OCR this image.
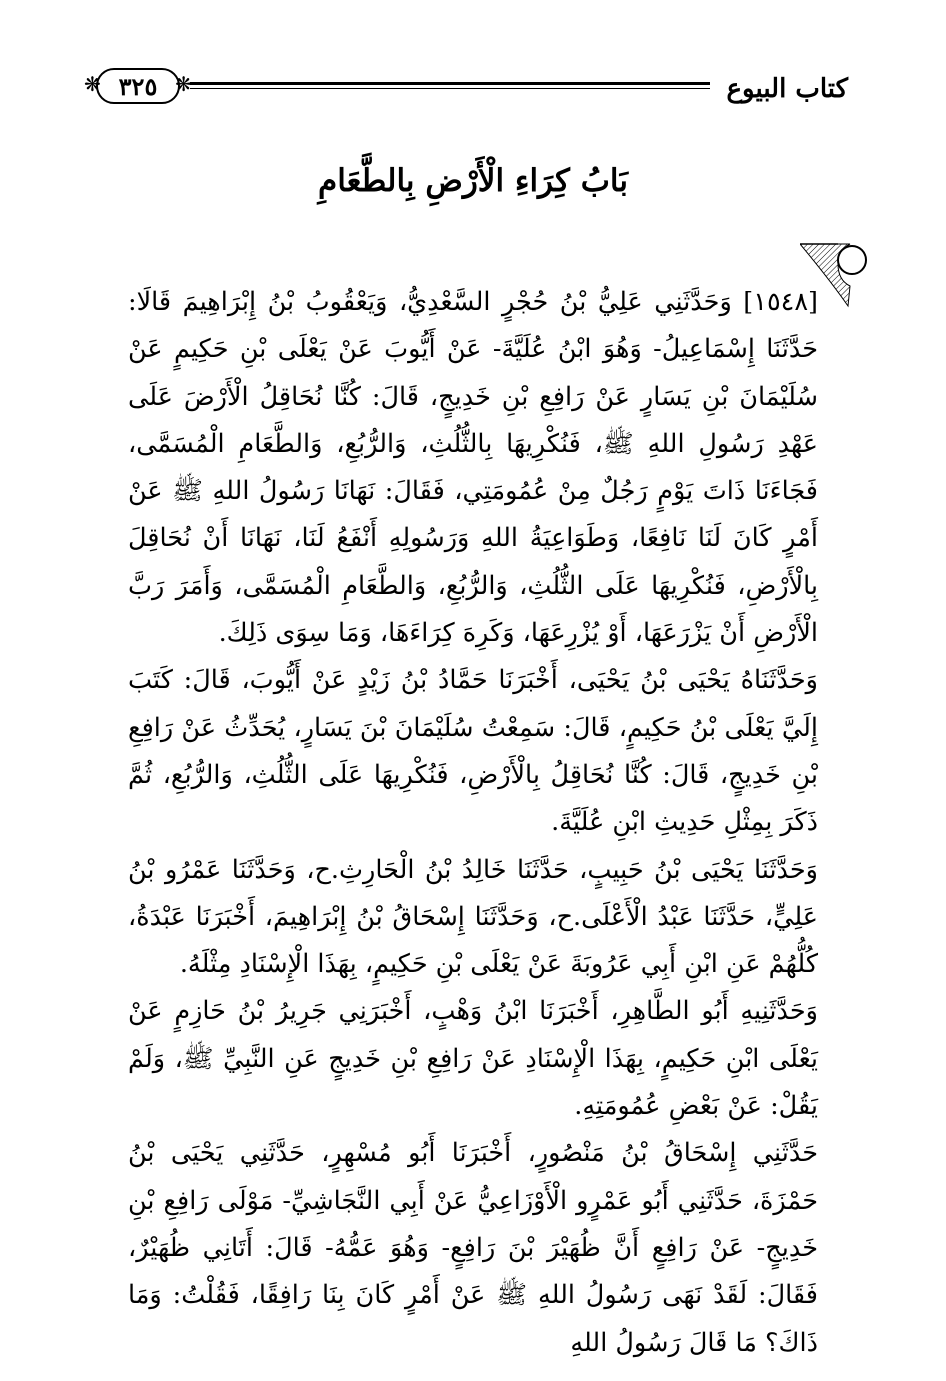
❋	❋
٣٢٥	كتاب البيوع
بَابُ كِرَاءِ الْأَرْضِ بِالطَّعَامِ

[١٥٤٨] وَحَدَّثَنِي عَلِيُّ بْنُ حُجْرٍ السَّعْدِيُّ، وَيَعْقُوبُ بْنُ إِبْرَاهِيمَ قَالَا: حَدَّثَنَا إِسْمَاعِيلُ- وَهُوَ ابْنُ عُلَيَّةَ- عَنْ أَيُّوبَ عَنْ يَعْلَى بْنِ حَكِيمٍ عَنْ سُلَيْمَانَ بْنِ يَسَارٍ عَنْ رَافِعِ بْنِ خَدِيجٍ، قَالَ: كُنَّا نُحَاقِلُ الْأَرْضَ عَلَى عَهْدِ رَسُولِ اللهِ ﷺ، فَنُكْرِيهَا بِالثُّلُثِ، وَالرُّبُعِ، وَالطَّعَامِ الْمُسَمَّى، فَجَاءَنَا ذَاتَ يَوْمٍ رَجُلٌ مِنْ عُمُومَتِي، فَقَالَ: نَهَانَا رَسُولُ اللهِ ﷺ عَنْ أَمْرٍ كَانَ لَنَا نَافِعًا، وَطَوَاعِيَةُ اللهِ وَرَسُولِهِ أَنْفَعُ لَنَا، نَهَانَا أَنْ نُحَاقِلَ بِالْأَرْضِ، فَنُكْرِيهَا عَلَى الثُّلُثِ، وَالرُّبُعِ، وَالطَّعَامِ الْمُسَمَّى، وَأَمَرَ رَبَّ الْأَرْضِ أَنْ يَزْرَعَهَا، أَوْ يُزْرِعَهَا، وَكَرِهَ كِرَاءَهَا، وَمَا سِوَى ذَلِكَ.

وَحَدَّثَنَاهُ يَحْيَى بْنُ يَحْيَى، أَخْبَرَنَا حَمَّادُ بْنُ زَيْدٍ عَنْ أَيُّوبَ، قَالَ: كَتَبَ إِلَيَّ يَعْلَى بْنُ حَكِيمٍ، قَالَ: سَمِعْتُ سُلَيْمَانَ بْنَ يَسَارٍ، يُحَدِّثُ عَنْ رَافِعِ بْنِ خَدِيجٍ، قَالَ: كُنَّا نُحَاقِلُ بِالْأَرْضِ، فَنُكْرِيهَا عَلَى الثُّلُثِ، وَالرُّبُعِ، ثُمَّ ذَكَرَ بِمِثْلِ حَدِيثِ ابْنِ عُلَيَّةَ.

وَحَدَّثَنَا يَحْيَى بْنُ حَبِيبٍ، حَدَّثَنَا خَالِدُ بْنُ الْحَارِثِ.ح، وَحَدَّثَنَا عَمْرُو بْنُ عَلِيٍّ، حَدَّثَنَا عَبْدُ الْأَعْلَى.ح، وَحَدَّثَنَا إِسْحَاقُ بْنُ إِبْرَاهِيمَ، أَخْبَرَنَا عَبْدَةُ، كُلُّهُمْ عَنِ ابْنِ أَبِي عَرُوبَةَ عَنْ يَعْلَى بْنِ حَكِيمٍ، بِهَذَا الْإِسْنَادِ مِثْلَهُ.

وَحَدَّثَنِيهِ أَبُو الطَّاهِرِ، أَخْبَرَنَا ابْنُ وَهْبٍ، أَخْبَرَنِي جَرِيرُ بْنُ حَازِمٍ عَنْ يَعْلَى ابْنِ حَكِيمٍ، بِهَذَا الْإِسْنَادِ عَنْ رَافِعِ بْنِ خَدِيجٍ عَنِ النَّبِيِّ ﷺ، وَلَمْ يَقُلْ: عَنْ بَعْضِ عُمُومَتِهِ.

حَدَّثَنِي إِسْحَاقُ بْنُ مَنْصُورٍ، أَخْبَرَنَا أَبُو مُسْهِرٍ، حَدَّثَنِي يَحْيَى بْنُ حَمْزَةَ، حَدَّثَنِي أَبُو عَمْرٍو الْأَوْزَاعِيُّ عَنْ أَبِي النَّجَاشِيِّ- مَوْلَى رَافِعِ بْنِ خَدِيجٍ- عَنْ رَافِعٍ أَنَّ ظُهَيْرَ بْنَ رَافِعٍ- وَهُوَ عَمُّهُ- قَالَ: أَتَانِي ظُهَيْرٌ، فَقَالَ: لَقَدْ نَهَى رَسُولُ اللهِ ﷺ عَنْ أَمْرٍ كَانَ بِنَا رَافِقًا، فَقُلْتُ: وَمَا ذَاكَ؟ مَا قَالَ رَسُولُ اللهِ
